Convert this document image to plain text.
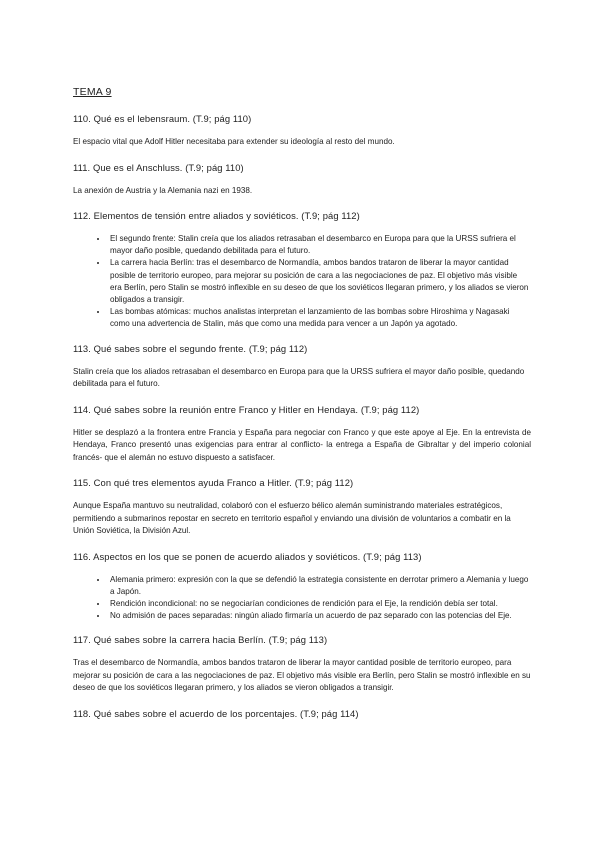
TEMA 9
110. Qué es el lebensraum. (T.9; pág 110)
El espacio vital que Adolf Hitler necesitaba para extender su ideología al resto del mundo.
111. Que es el Anschluss. (T.9; pág 110)
La anexión de Austria y la Alemania nazi en 1938.
112. Elementos de tensión entre aliados y soviéticos. (T.9; pág 112)
• El segundo frente: Stalin creía que los aliados retrasaban el desembarco en Europa para que la URSS sufriera el mayor daño posible, quedando debilitada para el futuro.
• La carrera hacia Berlín: tras el desembarco de Normandía, ambos bandos trataron de liberar la mayor cantidad posible de territorio europeo, para mejorar su posición de cara a las negociaciones de paz. El objetivo más visible era Berlín, pero Stalin se mostró inflexible en su deseo de que los soviéticos llegaran primero, y los aliados se vieron obligados a transigir.
• Las bombas atómicas: muchos analistas interpretan el lanzamiento de las bombas sobre Hiroshima y Nagasaki como una advertencia de Stalin, más que como una medida para vencer a un Japón ya agotado.
113. Qué sabes sobre el segundo frente. (T.9; pág 112)
Stalin creía que los aliados retrasaban el desembarco en Europa para que la URSS sufriera el mayor daño posible, quedando debilitada para el futuro.
114. Qué sabes sobre la reunión entre Franco y Hitler en Hendaya. (T.9; pág 112)
Hitler se desplazó a la frontera entre Francia y España para negociar con Franco y que este apoye al Eje. En la entrevista de Hendaya, Franco presentó unas exigencias para entrar al conflicto- la entrega a España de Gibraltar y del imperio colonial francés- que el alemán no estuvo dispuesto a satisfacer.
115. Con qué tres elementos ayuda Franco a Hitler. (T.9; pág 112)
Aunque España mantuvo su neutralidad, colaboró con el esfuerzo bélico alemán suministrando materiales estratégicos, permitiendo a submarinos repostar en secreto en territorio español y enviando una división de voluntarios a combatir en la Unión Soviética, la División Azul.
116. Aspectos en los que se ponen de acuerdo aliados y soviéticos. (T.9; pág 113)
• Alemania primero: expresión con la que se defendió la estrategia consistente en derrotar primero a Alemania y luego a Japón.
• Rendición incondicional: no se negociarían condiciones de rendición para el Eje, la rendición debía ser total.
• No admisión de paces separadas: ningún aliado firmaría un acuerdo de paz separado con las potencias del Eje.
117. Qué sabes sobre la carrera hacia Berlín. (T.9; pág 113)
Tras el desembarco de Normandía, ambos bandos trataron de liberar la mayor cantidad posible de territorio europeo, para mejorar su posición de cara a las negociaciones de paz. El objetivo más visible era Berlín, pero Stalin se mostró inflexible en su deseo de que los soviéticos llegaran primero, y los aliados se vieron obligados a transigir.
118. Qué sabes sobre el acuerdo de los porcentajes. (T.9; pág 114)
